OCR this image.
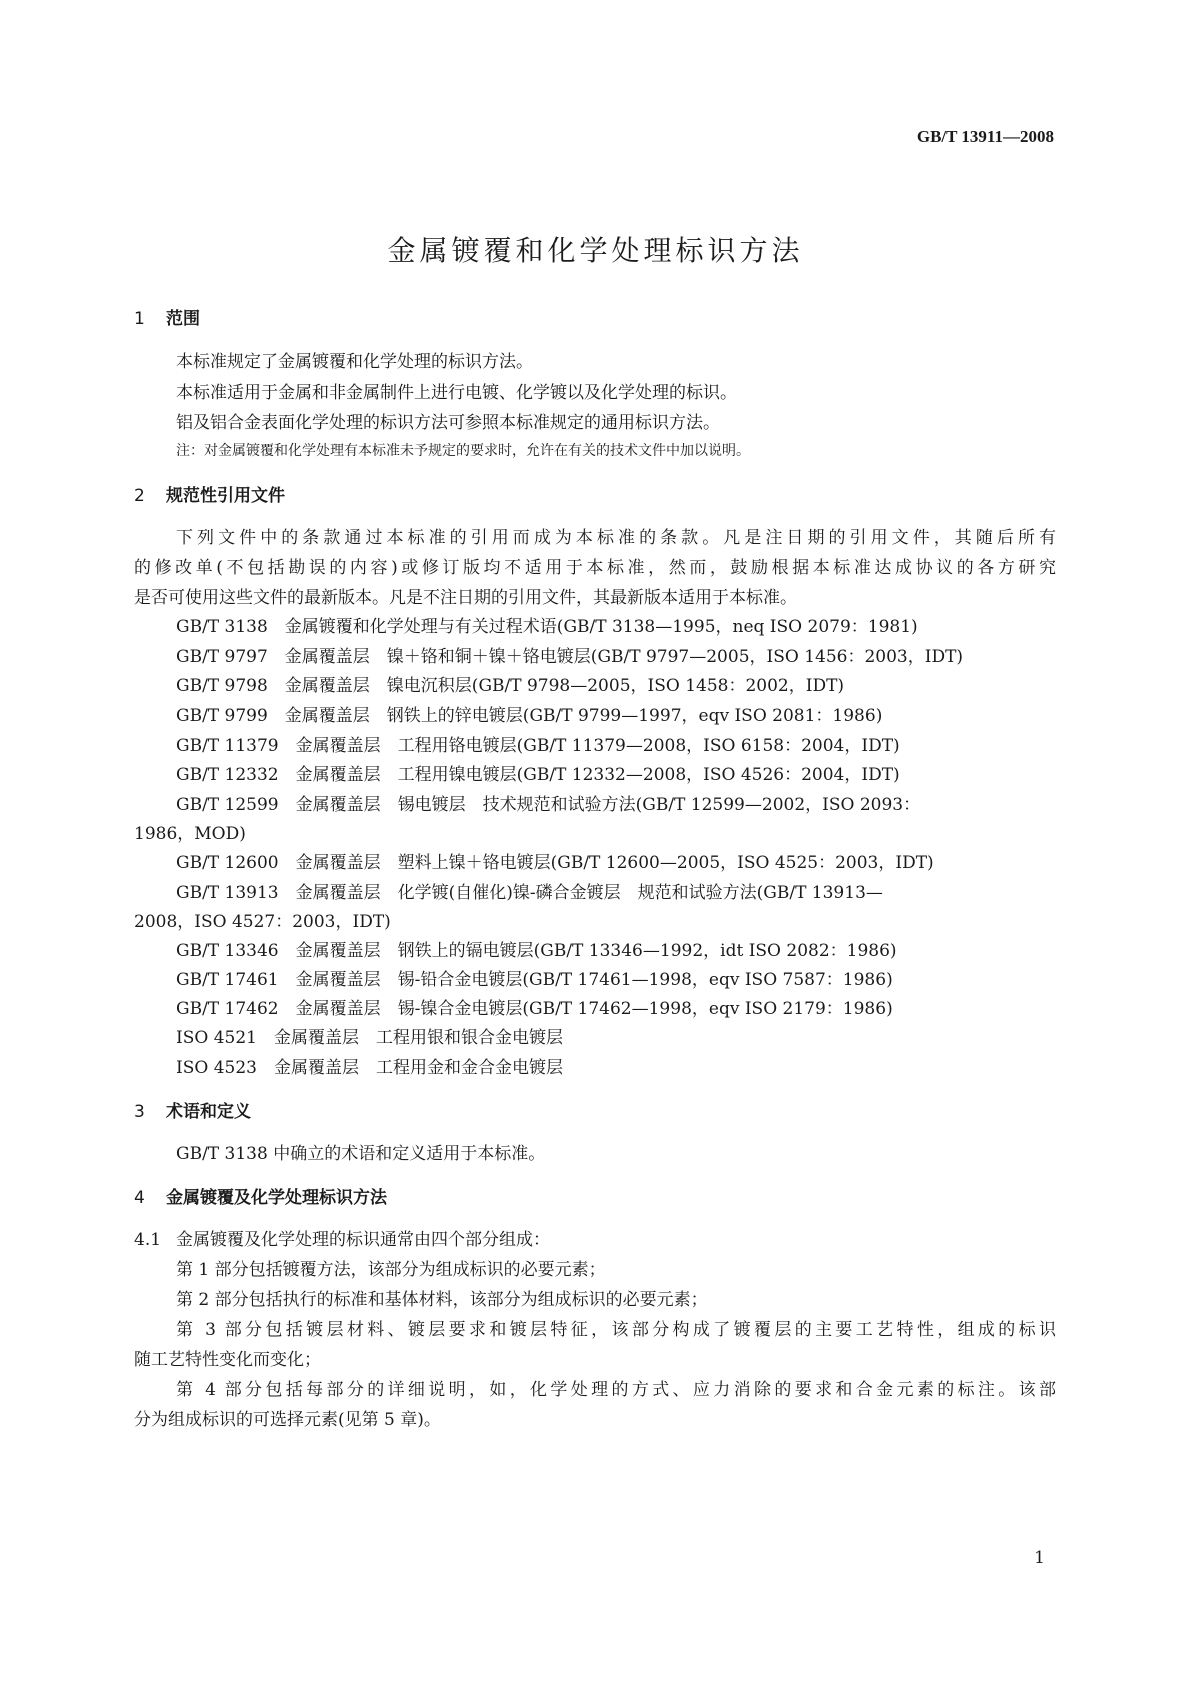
GB/T 13911—2008
金属镀覆和化学处理标识方法
1 范围
本标准规定了金属镀覆和化学处理的标识方法。
本标准适用于金属和非金属制件上进行电镀、化学镀以及化学处理的标识。
铝及铝合金表面化学处理的标识方法可参照本标准规定的通用标识方法。
注：对金属镀覆和化学处理有本标准未予规定的要求时，允许在有关的技术文件中加以说明。
2 规范性引用文件
下列文件中的条款通过本标准的引用而成为本标准的条款。凡是注日期的引用文件，其随后所有
的修改单(不包括勘误的内容)或修订版均不适用于本标准，然而，鼓励根据本标准达成协议的各方研究
是否可使用这些文件的最新版本。凡是不注日期的引用文件，其最新版本适用于本标准。
GB/T 3138　金属镀覆和化学处理与有关过程术语(GB/T 3138—1995，neq ISO 2079：1981)
GB/T 9797　金属覆盖层　镍＋铬和铜＋镍＋铬电镀层(GB/T 9797—2005，ISO 1456：2003，IDT)
GB/T 9798　金属覆盖层　镍电沉积层(GB/T 9798—2005，ISO 1458：2002，IDT)
GB/T 9799　金属覆盖层　钢铁上的锌电镀层(GB/T 9799—1997，eqv ISO 2081：1986)
GB/T 11379　金属覆盖层　工程用铬电镀层(GB/T 11379—2008，ISO 6158：2004，IDT)
GB/T 12332　金属覆盖层　工程用镍电镀层(GB/T 12332—2008，ISO 4526：2004，IDT)
GB/T 12599　金属覆盖层　锡电镀层　技术规范和试验方法(GB/T 12599—2002，ISO 2093：
1986，MOD)
GB/T 12600　金属覆盖层　塑料上镍＋铬电镀层(GB/T 12600—2005，ISO 4525：2003，IDT)
GB/T 13913　金属覆盖层　化学镀(自催化)镍-磷合金镀层　规范和试验方法(GB/T 13913—
2008，ISO 4527：2003，IDT)
GB/T 13346　金属覆盖层　钢铁上的镉电镀层(GB/T 13346—1992，idt ISO 2082：1986)
GB/T 17461　金属覆盖层　锡-铅合金电镀层(GB/T 17461—1998，eqv ISO 7587：1986)
GB/T 17462　金属覆盖层　锡-镍合金电镀层(GB/T 17462—1998，eqv ISO 2179：1986)
ISO 4521　金属覆盖层　工程用银和银合金电镀层
ISO 4523　金属覆盖层　工程用金和金合金电镀层
3 术语和定义
GB/T 3138 中确立的术语和定义适用于本标准。
4 金属镀覆及化学处理标识方法
4.1 金属镀覆及化学处理的标识通常由四个部分组成：
第 1 部分包括镀覆方法，该部分为组成标识的必要元素；
第 2 部分包括执行的标准和基体材料，该部分为组成标识的必要元素；
第 3 部分包括镀层材料、镀层要求和镀层特征，该部分构成了镀覆层的主要工艺特性，组成的标识
随工艺特性变化而变化；
第 4 部分包括每部分的详细说明，如，化学处理的方式、应力消除的要求和合金元素的标注。该部
分为组成标识的可选择元素(见第 5 章)。
1
